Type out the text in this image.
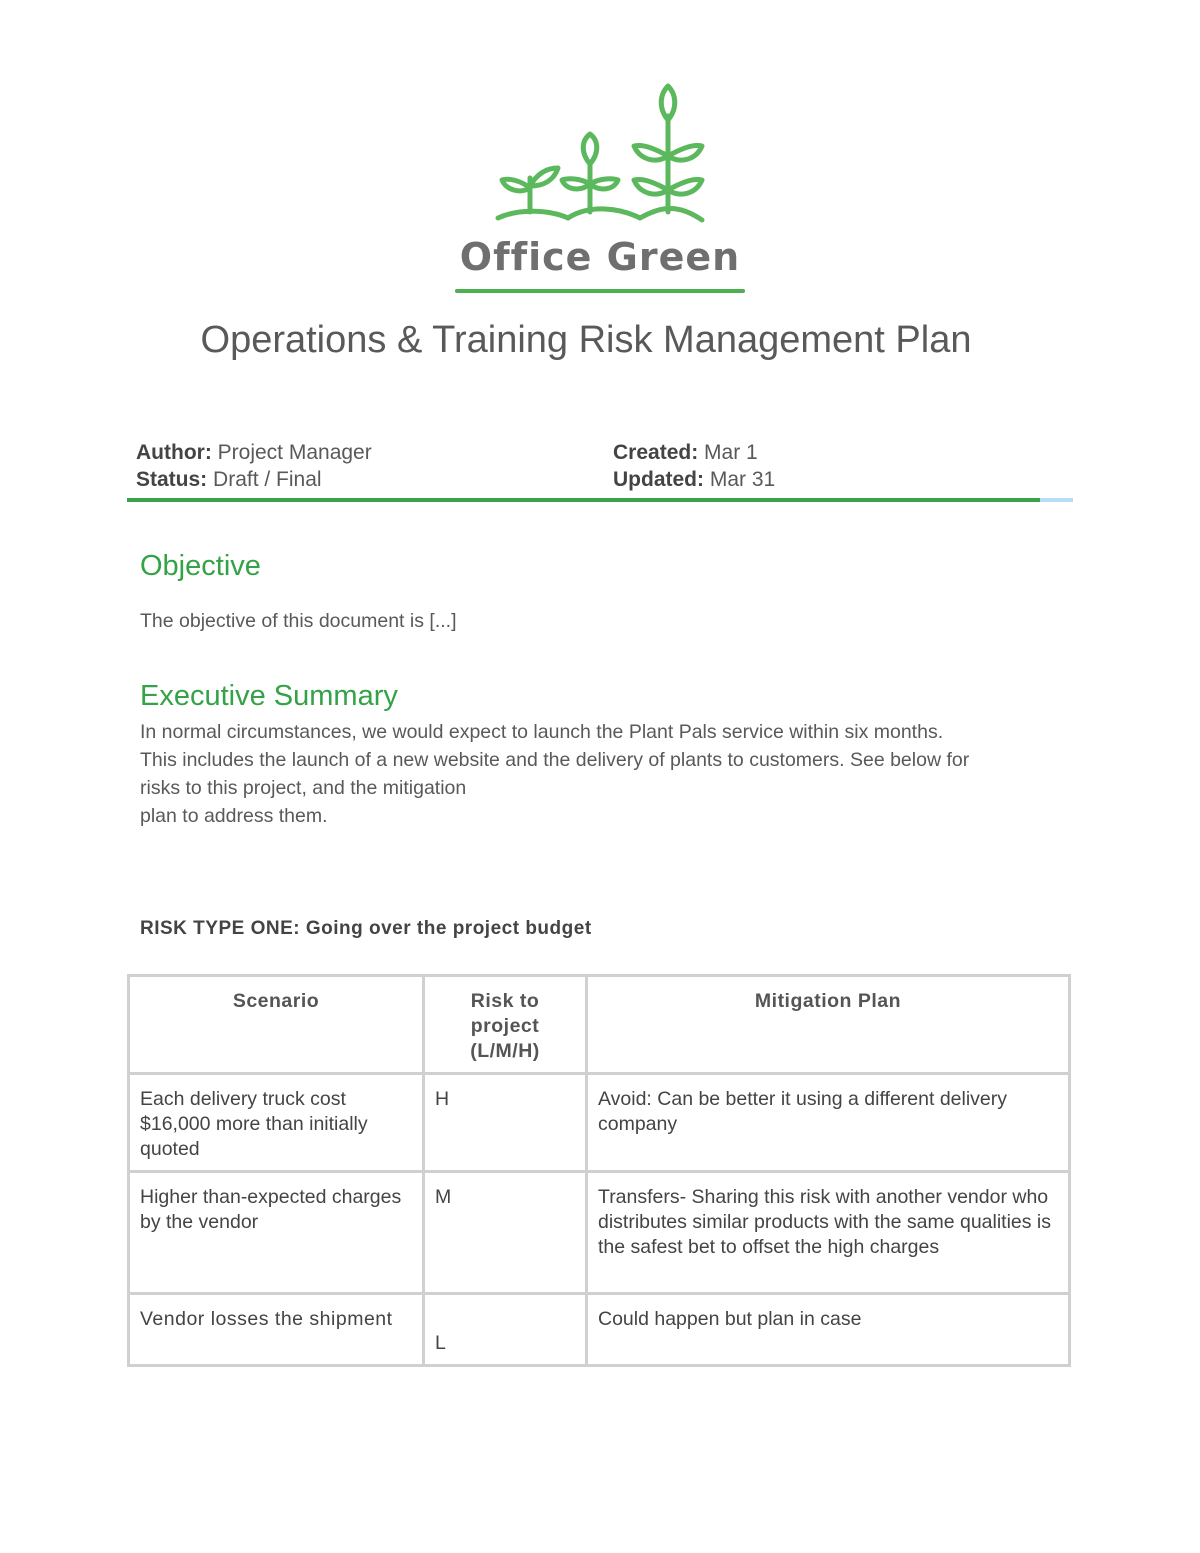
Office Green
Operations & Training Risk Management Plan
Author: Project Manager
Status: Draft / Final
Created: Mar 1
Updated: Mar 31
Objective
The objective of this document is [...]
Executive Summary
In normal circumstances, we would expect to launch the Plant Pals service within six months.
This includes the launch of a new website and the delivery of plants to customers. See below for
risks to this project, and the mitigation
plan to address them.
RISK TYPE ONE: Going over the project budget
Scenario	Risk to project (L/M/H)	Mitigation Plan
Each delivery truck cost $16,000 more than initially quoted	H	Avoid: Can be better it using a different delivery company
Higher than-expected charges by the vendor	M	Transfers- Sharing this risk with another vendor who distributes similar products with the same qualities is the safest bet to offset the high charges
Vendor losses the shipment	L	Could happen but plan in case
